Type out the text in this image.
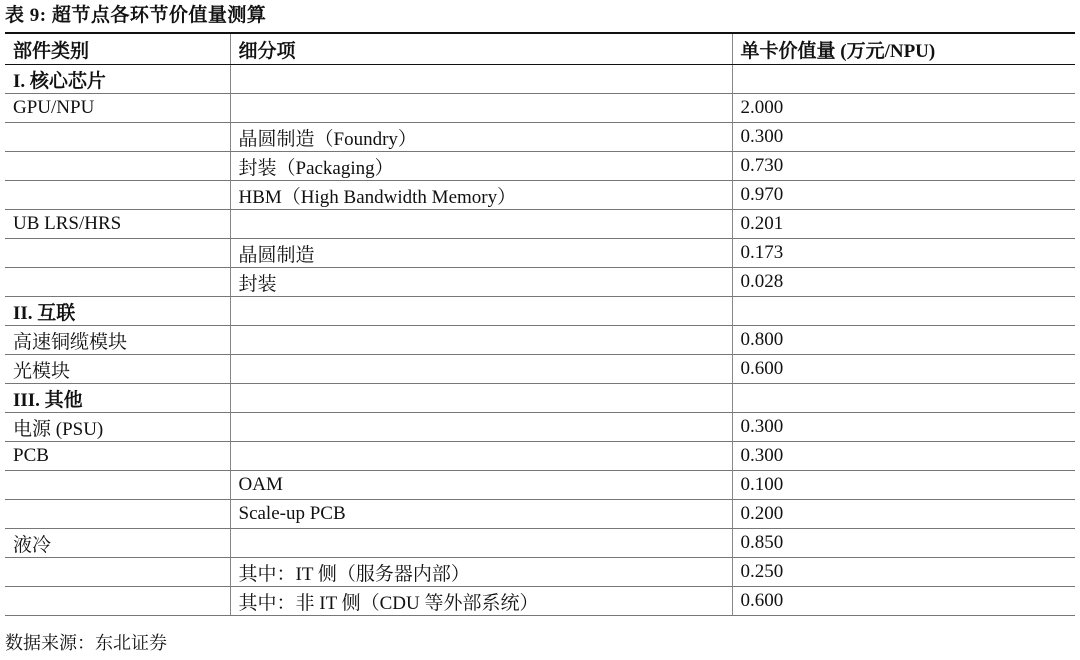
表 9: 超节点各环节价值量测算
部件类别	细分项	单卡价值量 (万元/NPU)
I. 核心芯片		
GPU/NPU		2.000
	晶圆制造（Foundry）	0.300
	封装（Packaging）	0.730
	HBM（High Bandwidth Memory）	0.970
UB LRS/HRS		0.201
	晶圆制造	0.173
	封装	0.028
II. 互联		
高速铜缆模块		0.800
光模块		0.600
III. 其他		
电源 (PSU)		0.300
PCB		0.300
	OAM	0.100
	Scale-up PCB	0.200
液冷		0.850
	其中：IT 侧（服务器内部）	0.250
	其中：非 IT 侧（CDU 等外部系统）	0.600
数据来源：东北证券
